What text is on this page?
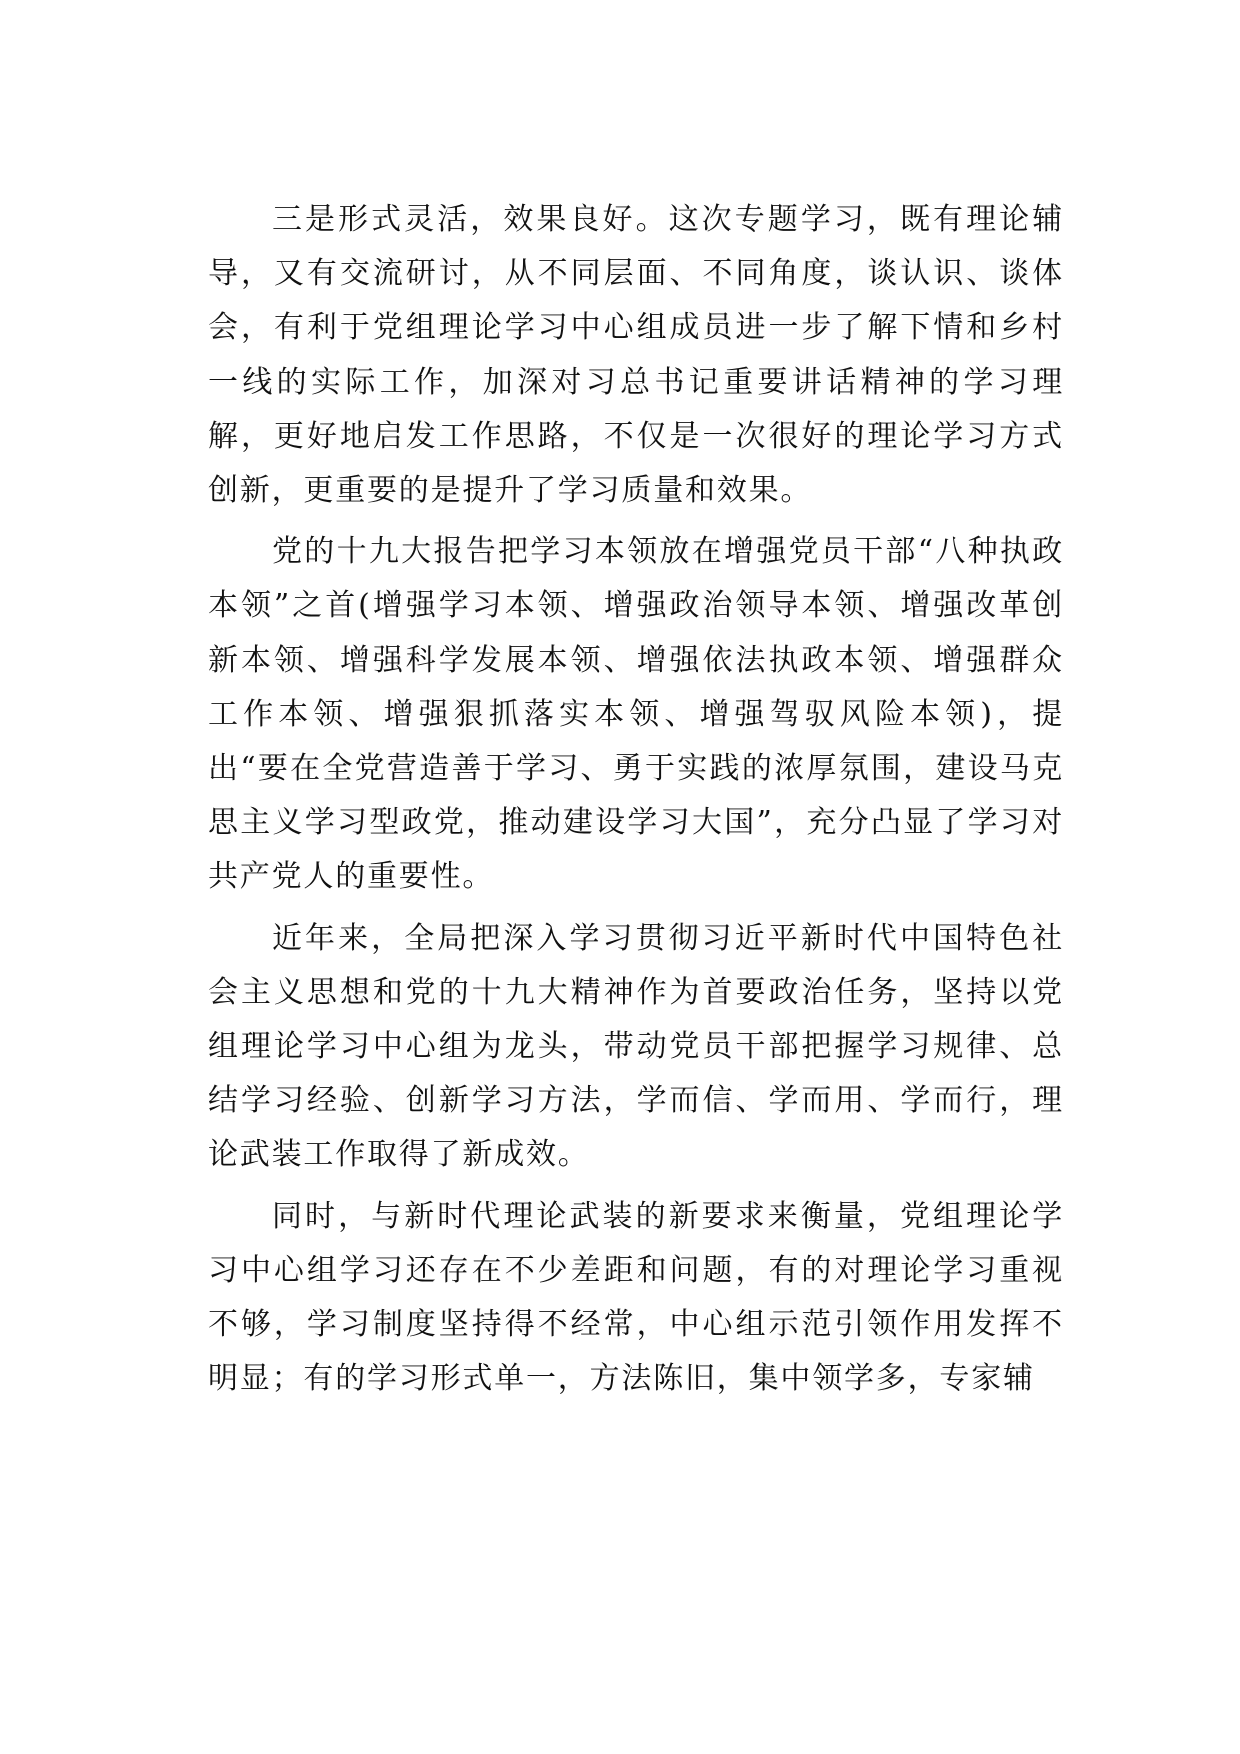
三是形式灵活，效果良好。这次专题学习，既有理论辅导，又有交流研讨，从不同层面、不同角度，谈认识、谈体会，有利于党组理论学习中心组成员进一步了解下情和乡村一线的实际工作，加深对习总书记重要讲话精神的学习理解，更好地启发工作思路，不仅是一次很好的理论学习方式创新，更重要的是提升了学习质量和效果。

党的十九大报告把学习本领放在增强党员干部“八种执政本领”之首(增强学习本领、增强政治领导本领、增强改革创新本领、增强科学发展本领、增强依法执政本领、增强群众工作本领、增强狠抓落实本领、增强驾驭风险本领)，提出“要在全党营造善于学习、勇于实践的浓厚氛围，建设马克思主义学习型政党，推动建设学习大国”，充分凸显了学习对共产党人的重要性。

近年来，全局把深入学习贯彻习近平新时代中国特色社会主义思想和党的十九大精神作为首要政治任务，坚持以党组理论学习中心组为龙头，带动党员干部把握学习规律、总结学习经验、创新学习方法，学而信、学而用、学而行，理论武装工作取得了新成效。

同时，与新时代理论武装的新要求来衡量，党组理论学习中心组学习还存在不少差距和问题，有的对理论学习重视不够，学习制度坚持得不经常，中心组示范引领作用发挥不明显；有的学习形式单一，方法陈旧，集中领学多，专家辅
